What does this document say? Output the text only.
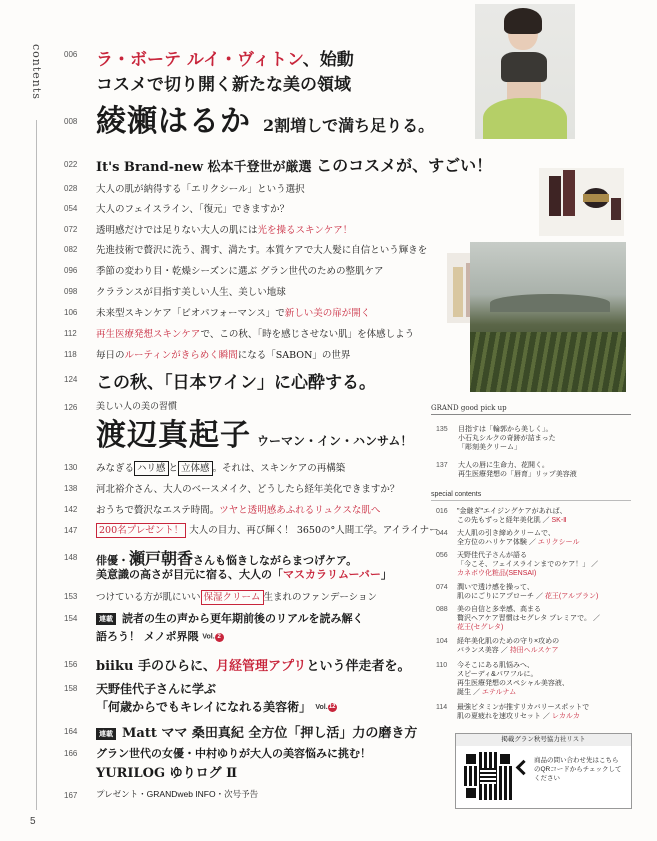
contents
5
006 ラ・ボーテ ルイ・ヴィトン、始動
コスメで切り開く新たな美の領域
008 綾瀬はるか 2割増しで満ち足りる。
022 It's Brand-new 松本千登世が厳選 このコスメが、すごい！
028 大人の肌が納得する「エリクシール」という選択
054 大人のフェイスライン、「復元」できますか？
072 透明感だけでは足りない大人の肌には光を操るスキンケア！
082 先進技術で贅沢に洗う、潤す、満たす。本質ケアで大人髪に自信という輝きを
096 季節の変わり目・乾燥シーズンに選ぶ グラン世代のための整肌ケア
098 クラランスが目指す美しい人生、美しい地球
106 未来型スキンケア「ビオパフォーマンス」で新しい美の扉が開く
112 再生医療発想スキンケアで、この秋、「時を感じさせない肌」を体感しよう
118 毎日のルーティンがきらめく瞬間になる「SABON」の世界
124 この秋、「日本ワイン」に心酔する。
126 美しい人の美の習慣
渡辺真起子 ウーマン・イン・ハンサム！
130 みなぎる ハリ感 と 立体感 。それは、スキンケアの再構築
138 河北裕介さん、大人のベースメイク、どうしたら経年美化できますか？
142 おうちで贅沢なエステ時間。ツヤと透明感あふれるリュクスな肌へ
147	200名プレゼント！ 大人の目力、再び輝く！ 3650の°人間工学。アイライナー
148 俳優・瀬戸朝香さんも悩きしながらまつげケア。
美意識の高さが目元に宿る、大人の「マスカラリムーバー」
153 つけている方が肌にいい 保湿クリーム 生まれのファンデーション
154	連載 読者の生の声から更年期前後のリアルを読み解く
語ろう！ メノポ界隈 Vol. 2
156 biiku 手のひらに、月経管理アプリという伴走者を。
158 天野佳代子さんに学ぶ
「何歳からでもキレイになれる美容術」 Vol.12
164	連載 Matt ママ 桑田真紀 全方位「押し活」力の磨き方
166 グラン世代の女優・中村ゆりが大人の美容悩みに挑む！
YURILOG ゆりログ Ⅱ
167 プレゼント・GRANDweb INFO・次号予告
GRAND good pick up
135 目指すは「輪郭から美しく」。
小石丸シルクの奇跡が詰まった
「彫刻美クリーム」
137 大人の唇に生命力、花開く。
再生医療発想の「唇育」リップ美容液
special contents
016 "金継ぎ"エイジングケアがあれば、
この先もずっと経年美化肌 ／ SK-Ⅱ
044 大人肌の引き締めクリームで、
全方位のハリケア体験 ／ エリクシール
056 天野佳代子さんが語る
「今こそ、フェイスラインまでのケア！」 ／
カネボウ化粧品(SENSAI)
074 潤いで透け感を操って、
肌のにごりにアプローチ ／ 花王(アルブラン)
088 美の自信と多幸感、高まる
贅沢ヘアケア習慣はセグレタ プレミアで。 ／
花王(セグレタ)
104 経年美化肌のための守り×攻めの
バランス美容 ／ 持田ヘルスケア
110 今そこにある肌悩みへ、
スピーディ&パワフルに。
再生医療発想のスペシャル美容液、
誕生 ／ エテルナム
114 最強ビタミンが推すリカバリースポットで
肌の夏疲れを速攻リセット ／ レカルカ
掲載グラン秋号協力社リスト
商品の問い合わせ先はこちらのQRコードからチェックしてください
